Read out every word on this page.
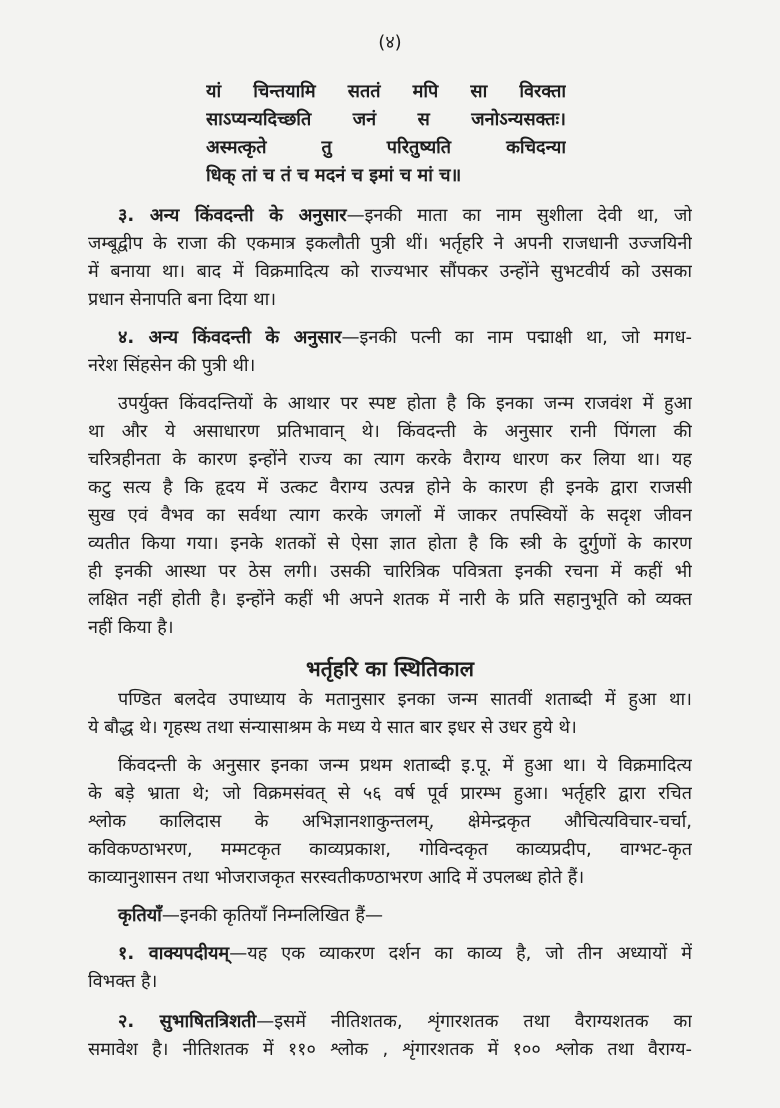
(४)
यां चिन्तयामि सततं मपि सा विरक्ता
साऽप्यन्यदिच्छति जनं स जनोऽन्यसक्तः।
अस्मत्कृते तु परितुष्यति कचिदन्या
धिक् तां च तं च मदनं च इमां च मां च॥
३. अन्य किंवदन्ती के अनुसार—इनकी माता का नाम सुशीला देवी था, जो
जम्बूद्वीप के राजा की एकमात्र इकलौती पुत्री थीं। भर्तृहरि ने अपनी राजधानी उज्जयिनी
में बनाया था। बाद में विक्रमादित्य को राज्यभार सौंपकर उन्होंने सुभटवीर्य को उसका
प्रधान सेनापति बना दिया था।
४. अन्य किंवदन्ती के अनुसार—इनकी पत्नी का नाम पद्माक्षी था, जो मगध-
नरेश सिंहसेन की पुत्री थी।
उपर्युक्त किंवदन्तियों के आथार पर स्पष्ट होता है कि इनका जन्म राजवंश में हुआ
था और ये असाधारण प्रतिभावान् थे। किंवदन्ती के अनुसार रानी पिंगला की
चरित्रहीनता के कारण इन्होंने राज्य का त्याग करके वैराग्य धारण कर लिया था। यह
कटु सत्य है कि हृदय में उत्कट वैराग्य उत्पन्न होने के कारण ही इनके द्वारा राजसी
सुख एवं वैभव का सर्वथा त्याग करके जगलों में जाकर तपस्वियों के सदृश जीवन
व्यतीत किया गया। इनके शतकों से ऐसा ज्ञात होता है कि स्त्री के दुर्गुणों के कारण
ही इनकी आस्था पर ठेस लगी। उसकी चारित्रिक पवित्रता इनकी रचना में कहीं भी
लक्षित नहीं होती है। इन्होंने कहीं भी अपने शतक में नारी के प्रति सहानुभूति को व्यक्त
नहीं किया है।
भर्तृहरि का स्थितिकाल
पण्डित बलदेव उपाध्याय के मतानुसार इनका जन्म सातवीं शताब्दी में हुआ था।
ये बौद्ध थे। गृहस्थ तथा संन्यासाश्रम के मध्य ये सात बार इधर से उधर हुये थे।
किंवदन्ती के अनुसार इनका जन्म प्रथम शताब्दी इ.पू. में हुआ था। ये विक्रमादित्य
के बड़े भ्राता थे; जो विक्रमसंवत् से ५६ वर्ष पूर्व प्रारम्भ हुआ। भर्तृहरि द्वारा रचित
श्लोक कालिदास के अभिज्ञानशाकुन्तलम्, क्षेमेन्द्रकृत औचित्यविचार-चर्चा,
कविकण्ठाभरण, मम्मटकृत काव्यप्रकाश, गोविन्दकृत काव्यप्रदीप, वाग्भट-कृत
काव्यानुशासन तथा भोजराजकृत सरस्वतीकण्ठाभरण आदि में उपलब्ध होते हैं।
कृतियाँ—इनकी कृतियाँ निम्नलिखित हैं—
१. वाक्यपदीयम्—यह एक व्याकरण दर्शन का काव्य है, जो तीन अध्यायों में
विभक्त है।
२. सुभाषितत्रिशती—इसमें नीतिशतक, शृंगारशतक तथा वैराग्यशतक का
समावेश है। नीतिशतक में ११० श्लोक , शृंगारशतक में १०० श्लोक तथा वैराग्य-
